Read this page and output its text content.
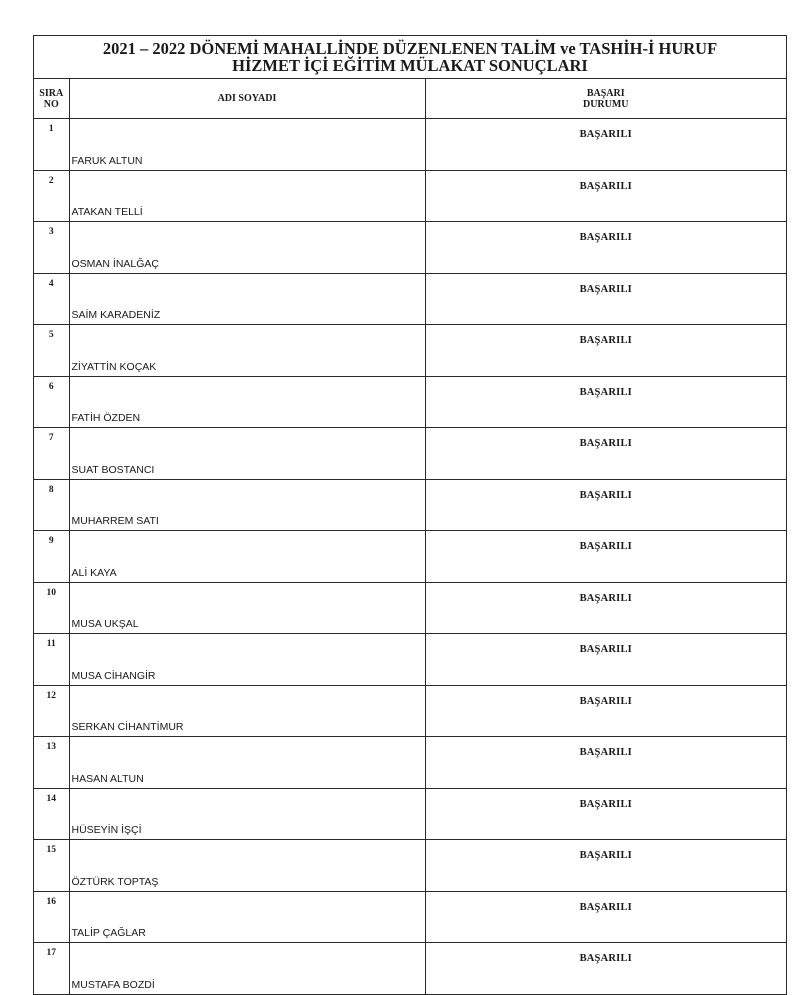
2021 – 2022 DÖNEMİ MAHALLİNDE DÜZENLENEN TALİM ve TASHİH-İ HURUF
HİZMET İÇİ EĞİTİM MÜLAKAT SONUÇLARI
SIRA
NO	ADI SOYADI	BAŞARI
DURUMU
1	FARUK ALTUN	BAŞARILI
2	ATAKAN TELLİ	BAŞARILI
3	OSMAN İNALĞAÇ	BAŞARILI
4	SAİM KARADENİZ	BAŞARILI
5	ZİYATTİN KOÇAK	BAŞARILI
6	FATİH ÖZDEN	BAŞARILI
7	SUAT BOSTANCI	BAŞARILI
8	MUHARREM SATI	BAŞARILI
9	ALİ KAYA	BAŞARILI
10	MUSA UKŞAL	BAŞARILI
11	MUSA CİHANGİR	BAŞARILI
12	SERKAN CİHANTİMUR	BAŞARILI
13	HASAN ALTUN	BAŞARILI
14	HÜSEYİN İŞÇİ	BAŞARILI
15	ÖZTÜRK TOPTAŞ	BAŞARILI
16	TALİP ÇAĞLAR	BAŞARILI
17	MUSTAFA BOZDİ	BAŞARILI
